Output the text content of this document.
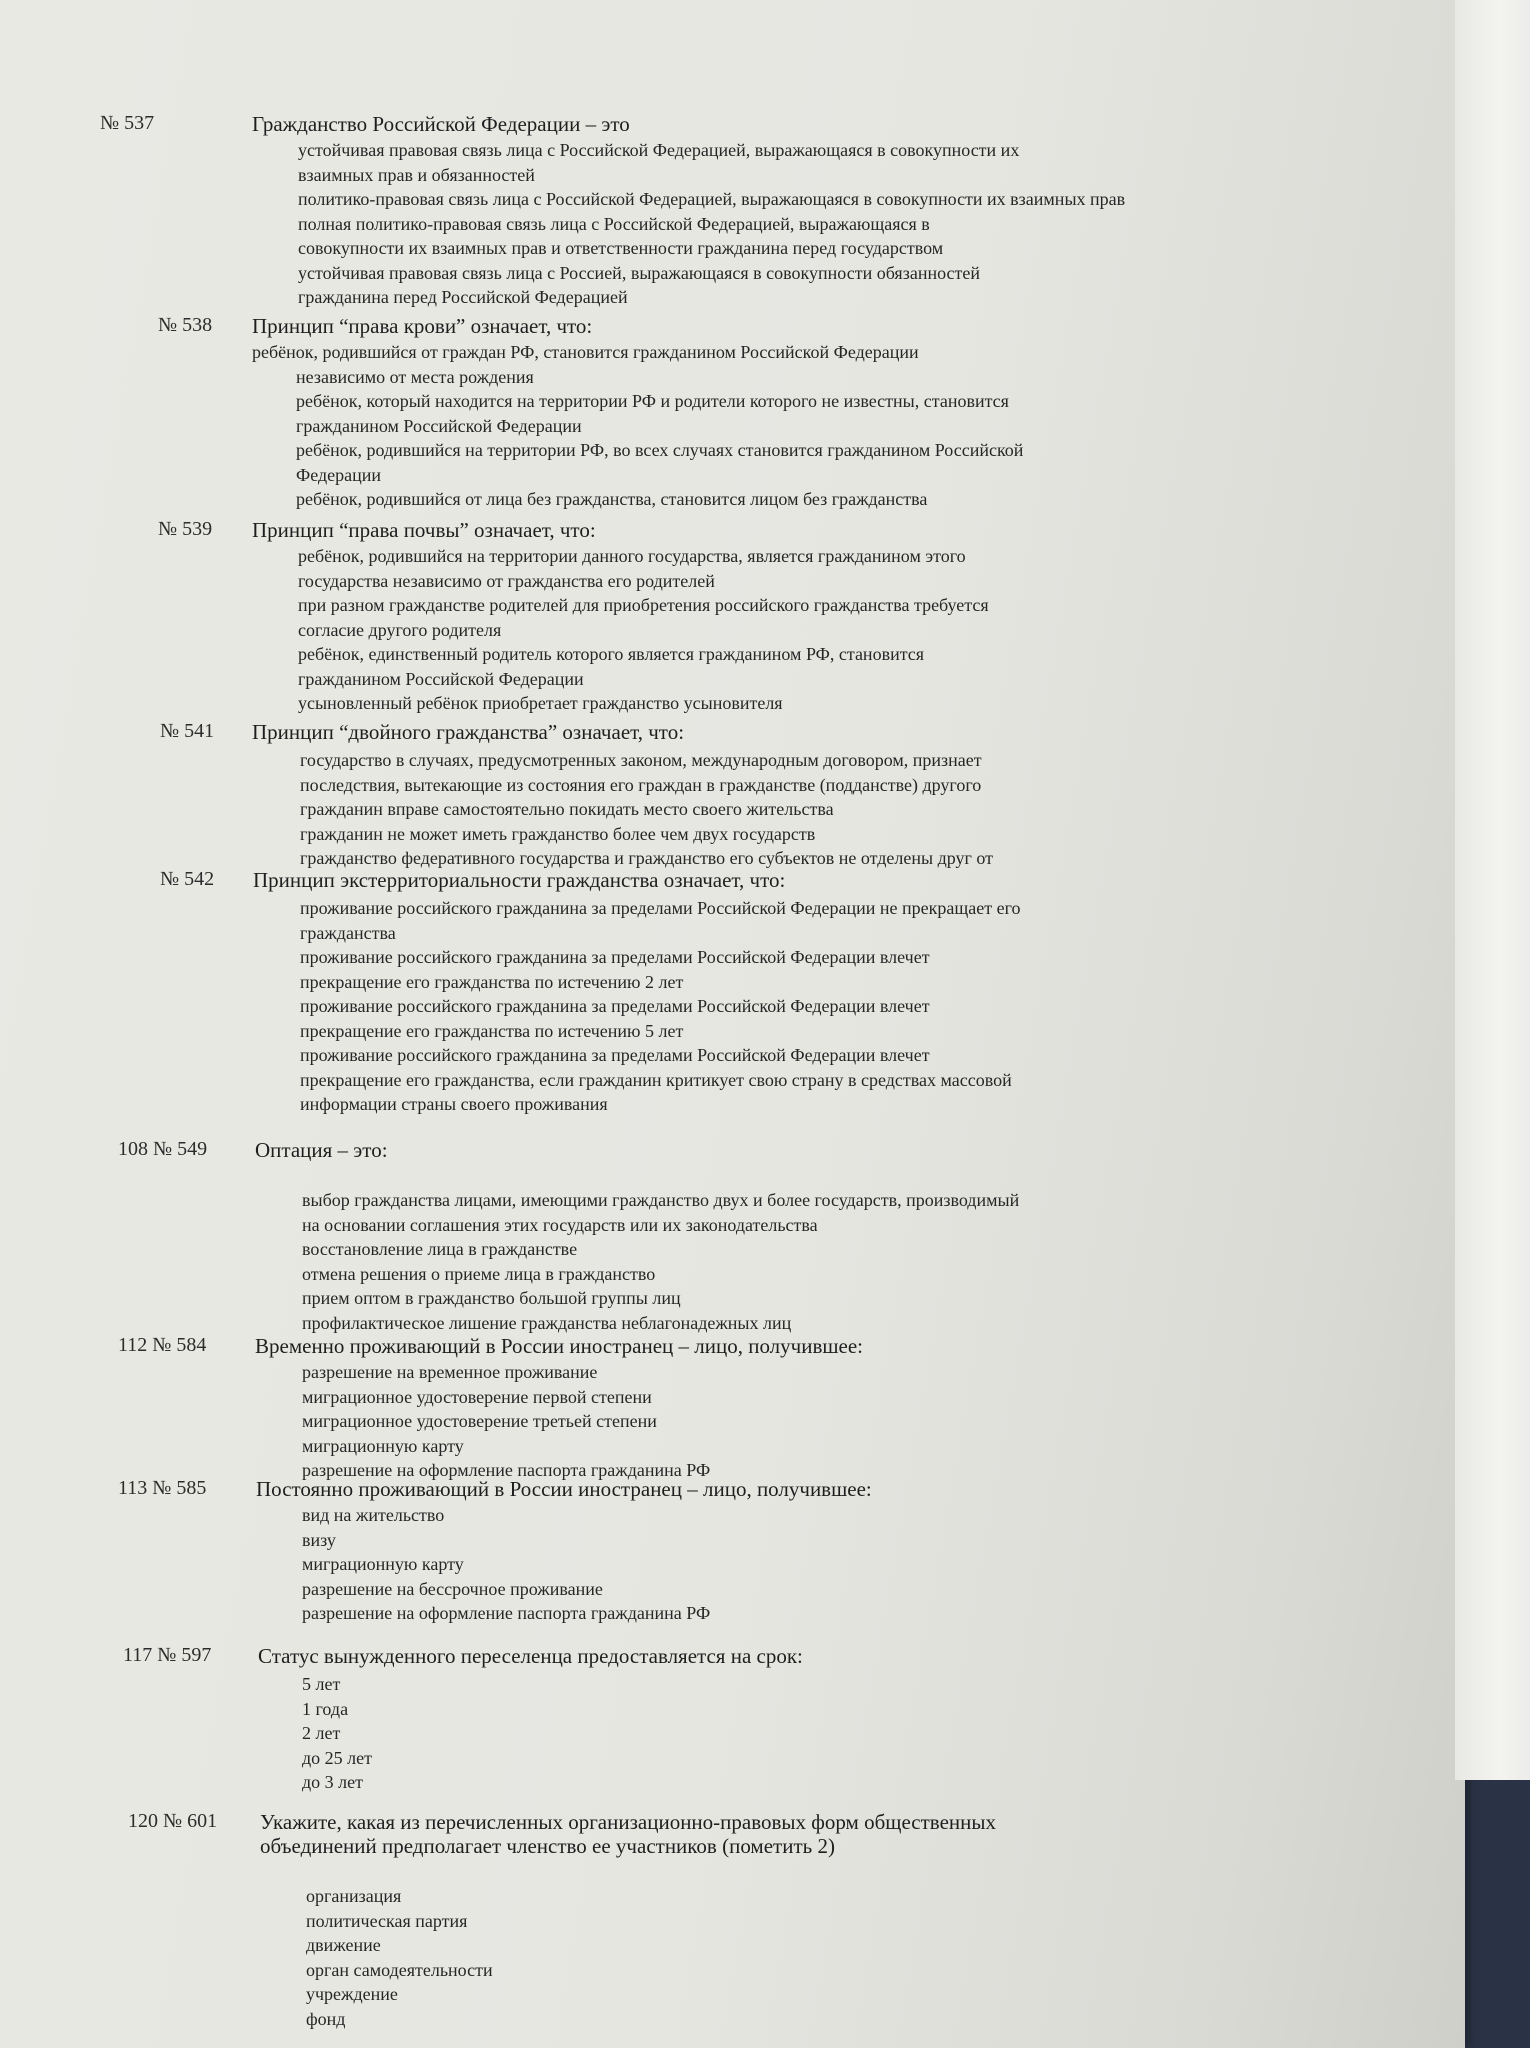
№ 537	Гражданство Российской Федерации – это
устойчивая правовая связь лица с Российской Федерацией, выражающаяся в совокупности их
взаимных прав и обязанностей
политико-правовая связь лица с Российской Федерацией, выражающаяся в совокупности их взаимных прав
полная политико-правовая связь лица с Российской Федерацией, выражающаяся в
совокупности их взаимных прав и ответственности гражданина перед государством
устойчивая правовая связь лица с Россией, выражающаяся в совокупности обязанностей
гражданина перед Российской Федерацией
№ 538 Принцип “права крови” означает, что:
ребёнок, родившийся от граждан РФ, становится гражданином Российской Федерации
независимо от места рождения
ребёнок, который находится на территории РФ и родители которого не известны, становится
гражданином Российской Федерации
ребёнок, родившийся на территории РФ, во всех случаях становится гражданином Российской
Федерации
ребёнок, родившийся от лица без гражданства, становится лицом без гражданства
№ 539 Принцип “права почвы” означает, что:
ребёнок, родившийся на территории данного государства, является гражданином этого
государства независимо от гражданства его родителей
при разном гражданстве родителей для приобретения российского гражданства требуется
согласие другого родителя
ребёнок, единственный родитель которого является гражданином РФ, становится
гражданином Российской Федерации
усыновленный ребёнок приобретает гражданство усыновителя
№ 541 Принцип “двойного гражданства” означает, что:
государство в случаях, предусмотренных законом, международным договором, признает
последствия, вытекающие из состояния его граждан в гражданстве (подданстве) другого
гражданин вправе самостоятельно покидать место своего жительства
гражданин не может иметь гражданство более чем двух государств
гражданство федеративного государства и гражданство его субъектов не отделены друг от
№ 542 Принцип экстерриториальности гражданства означает, что:
проживание российского гражданина за пределами Российской Федерации не прекращает его
гражданства
проживание российского гражданина за пределами Российской Федерации влечет
прекращение его гражданства по истечению 2 лет
проживание российского гражданина за пределами Российской Федерации влечет
прекращение его гражданства по истечению 5 лет
проживание российского гражданина за пределами Российской Федерации влечет
прекращение его гражданства, если гражданин критикует свою страну в средствах массовой
информации страны своего проживания
108 № 549 Оптация – это:
выбор гражданства лицами, имеющими гражданство двух и более государств, производимый
на основании соглашения этих государств или их законодательства
восстановление лица в гражданстве
отмена решения о приеме лица в гражданство
прием оптом в гражданство большой группы лиц
профилактическое лишение гражданства неблагонадежных лиц
112 № 584 Временно проживающий в России иностранец – лицо, получившее:
разрешение на временное проживание
миграционное удостоверение первой степени
миграционное удостоверение третьей степени
миграционную карту
разрешение на оформление паспорта гражданина РФ
113 № 585 Постоянно проживающий в России иностранец – лицо, получившее:
вид на жительство
визу
миграционную карту
разрешение на бессрочное проживание
разрешение на оформление паспорта гражданина РФ
117 № 597 Статус вынужденного переселенца предоставляется на срок:
5 лет
1 года
2 лет
до 25 лет
до 3 лет
120 № 601 Укажите, какая из перечисленных организационно-правовых форм общественных
объединений предполагает членство ее участников (пометить 2)
организация
политическая партия
движение
орган самодеятельности
учреждение
фонд
